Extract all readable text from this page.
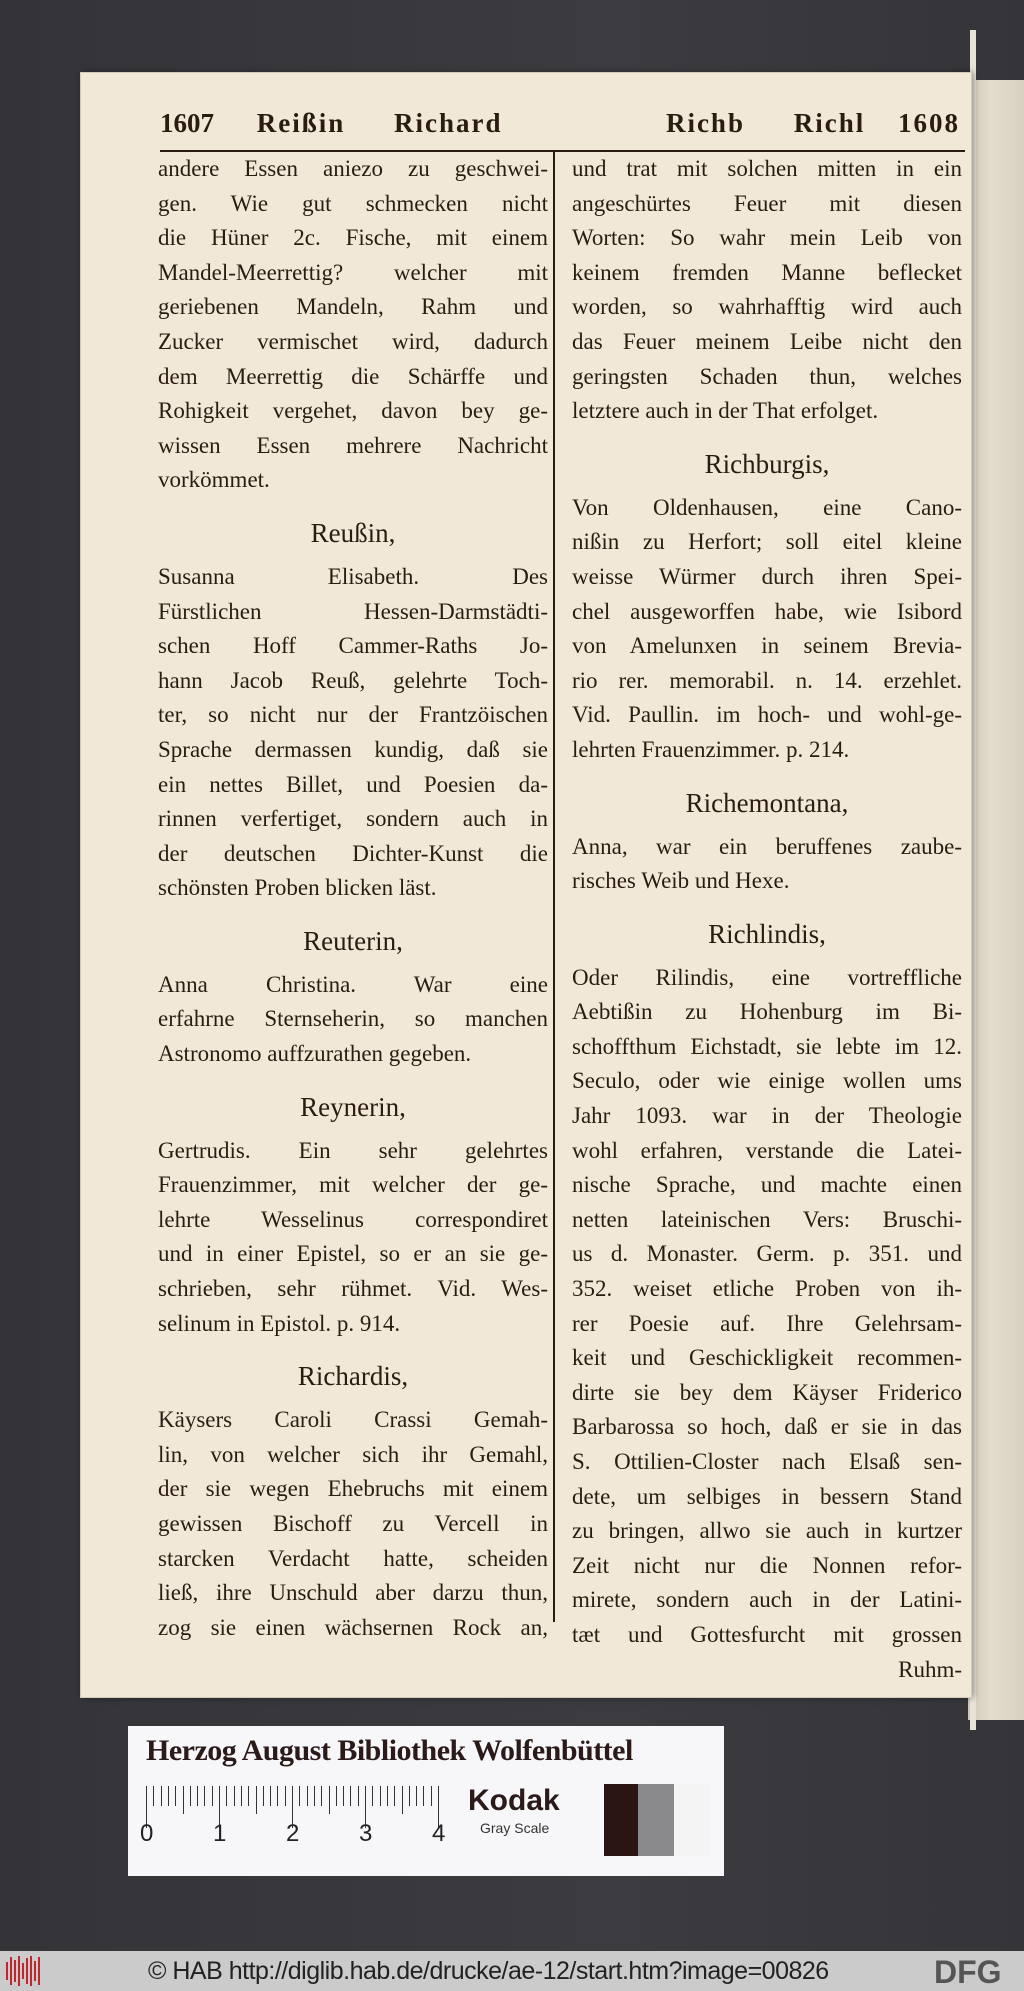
1607 Reißin Richard	Richb Richl 1608
andere Essen aniezo zu geschwei-
gen. Wie gut schmecken nicht
die Hüner 2c. Fische, mit einem
Mandel-Meerrettig? welcher mit
geriebenen Mandeln, Rahm und
Zucker vermischet wird, dadurch
dem Meerrettig die Schärffe und
Rohigkeit vergehet, davon bey ge-
wissen Essen mehrere Nachricht
vorkömmet.
Reußin,
Susanna Elisabeth. Des
Fürstlichen Hessen-Darmstädti-
schen Hoff Cammer-Raths Jo-
hann Jacob Reuß, gelehrte Toch-
ter, so nicht nur der Frantzöischen
Sprache dermassen kundig, daß sie
ein nettes Billet, und Poesien da-
rinnen verfertiget, sondern auch in
der deutschen Dichter-Kunst die
schönsten Proben blicken läst.
Reuterin,
Anna Christina. War eine
erfahrne Sternseherin, so manchen
Astronomo auffzurathen gegeben.
Reynerin,
Gertrudis. Ein sehr gelehrtes
Frauenzimmer, mit welcher der ge-
lehrte Wesselinus correspondiret
und in einer Epistel, so er an sie ge-
schrieben, sehr rühmet. Vid. Wes-
selinum in Epistol. p. 914.
Richardis,
Käysers Caroli Crassi Gemah-
lin, von welcher sich ihr Gemahl,
der sie wegen Ehebruchs mit einem
gewissen Bischoff zu Vercell in
starcken Verdacht hatte, scheiden
ließ, ihre Unschuld aber darzu thun,
zog sie einen wächsernen Rock an,
und trat mit solchen mitten in ein
angeschürtes Feuer mit diesen
Worten: So wahr mein Leib von
keinem fremden Manne beflecket
worden, so wahrhafftig wird auch
das Feuer meinem Leibe nicht den
geringsten Schaden thun, welches
letztere auch in der That erfolget.
Richburgis,
Von Oldenhausen, eine Cano-
nißin zu Herfort; soll eitel kleine
weisse Würmer durch ihren Spei-
chel ausgeworffen habe, wie Isibord
von Amelunxen in seinem Brevia-
rio rer. memorabil. n. 14. erzehlet.
Vid. Paullin. im hoch- und wohl-ge-
lehrten Frauenzimmer. p. 214.
Richemontana,
Anna, war ein beruffenes zaube-
risches Weib und Hexe.
Richlindis,
Oder Rilindis, eine vortreffliche
Aebtißin zu Hohenburg im Bi-
schoffthum Eichstadt, sie lebte im 12.
Seculo, oder wie einige wollen ums
Jahr 1093. war in der Theologie
wohl erfahren, verstande die Latei-
nische Sprache, und machte einen
netten lateinischen Vers: Bruschi-
us d. Monaster. Germ. p. 351. und
352. weiset etliche Proben von ih-
rer Poesie auf. Ihre Gelehrsam-
keit und Geschickligkeit recommen-
dirte sie bey dem Käyser Friderico
Barbarossa so hoch, daß er sie in das
S. Ottilien-Closter nach Elsaß sen-
dete, um selbiges in bessern Stand
zu bringen, allwo sie auch in kurtzer
Zeit nicht nur die Nonnen refor-
mirete, sondern auch in der Latini-
tæt und Gottesfurcht mit grossen
Ruhm-
Herzog August Bibliothek Wolfenbüttel
Kodak
Gray Scale
0 1 2 3 4
© HAB http://diglib.hab.de/drucke/ae-12/start.htm?image=00826	DFG
